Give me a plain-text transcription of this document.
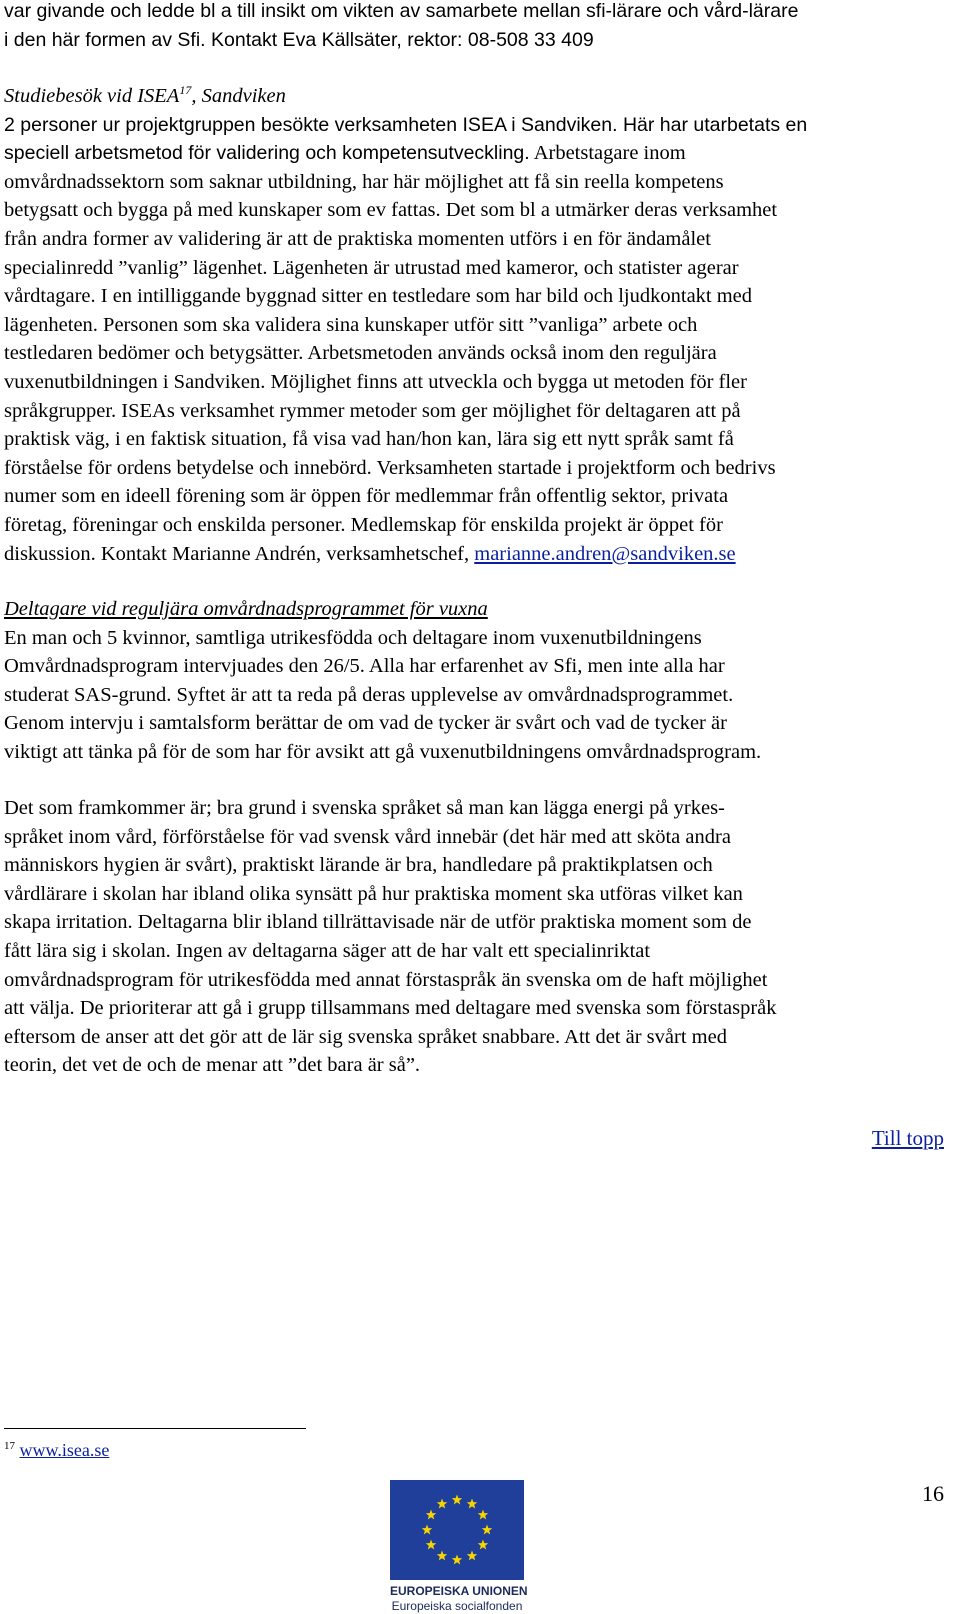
var givande och ledde bl a till insikt om vikten av samarbete mellan sfi-lärare och vård-lärare
i den här formen av Sfi. Kontakt Eva Källsäter, rektor: 08-508 33 409
Studiebesök vid ISEA$^{17}$, Sandviken
2 personer ur projektgruppen besökte verksamheten ISEA i Sandviken. Här har utarbetats en
speciell arbetsmetod för validering och kompetensutveckling. Arbetstagare inom
omvårdnadssektorn som saknar utbildning, har här möjlighet att få sin reella kompetens
betygsatt och bygga på med kunskaper som ev fattas. Det som bl a utmärker deras verksamhet
från andra former av validering är att de praktiska momenten utförs i en för ändamålet
specialinredd ”vanlig” lägenhet. Lägenheten är utrustad med kameror, och statister agerar
vårdtagare. I en intilliggande byggnad sitter en testledare som har bild och ljudkontakt med
lägenheten. Personen som ska validera sina kunskaper utför sitt ”vanliga” arbete och
testledaren bedömer och betygsätter. Arbetsmetoden används också inom den reguljära
vuxenutbildningen i Sandviken. Möjlighet finns att utveckla och bygga ut metoden för fler
språkgrupper. ISEAs verksamhet rymmer metoder som ger möjlighet för deltagaren att på
praktisk väg, i en faktisk situation, få visa vad han/hon kan, lära sig ett nytt språk samt få
förståelse för ordens betydelse och innebörd. Verksamheten startade i projektform och bedrivs
numer som en ideell förening som är öppen för medlemmar från offentlig sektor, privata
företag, föreningar och enskilda personer. Medlemskap för enskilda projekt är öppet för
diskussion. Kontakt Marianne Andrén, verksamhetschef, marianne.andren@sandviken.se
Deltagare vid reguljära omvårdnadsprogrammet för vuxna
En man och 5 kvinnor, samtliga utrikesfödda och deltagare inom vuxenutbildningens
Omvårdnadsprogram intervjuades den 26/5. Alla har erfarenhet av Sfi, men inte alla har
studerat SAS-grund. Syftet är att ta reda på deras upplevelse av omvårdnadsprogrammet.
Genom intervju i samtalsform berättar de om vad de tycker är svårt och vad de tycker är
viktigt att tänka på för de som har för avsikt att gå vuxenutbildningens omvårdnadsprogram.
Det som framkommer är; bra grund i svenska språket så man kan lägga energi på yrkes-
språket inom vård, förförståelse för vad svensk vård innebär (det här med att sköta andra
människors hygien är svårt), praktiskt lärande är bra, handledare på praktikplatsen och
vårdlärare i skolan har ibland olika synsätt på hur praktiska moment ska utföras vilket kan
skapa irritation. Deltagarna blir ibland tillrättavisade när de utför praktiska moment som de
fått lära sig i skolan. Ingen av deltagarna säger att de har valt ett specialinriktat
omvårdnadsprogram för utrikesfödda med annat förstaspråk än svenska om de haft möjlighet
att välja. De prioriterar att gå i grupp tillsammans med deltagare med svenska som förstaspråk
eftersom de anser att det gör att de lär sig svenska språket snabbare. Att det är svårt med
teorin, det vet de och de menar att ”det bara är så”.
Till topp
$^{17}$ www.isea.se
16
EUROPEISKA UNIONEN
Europeiska socialfonden
